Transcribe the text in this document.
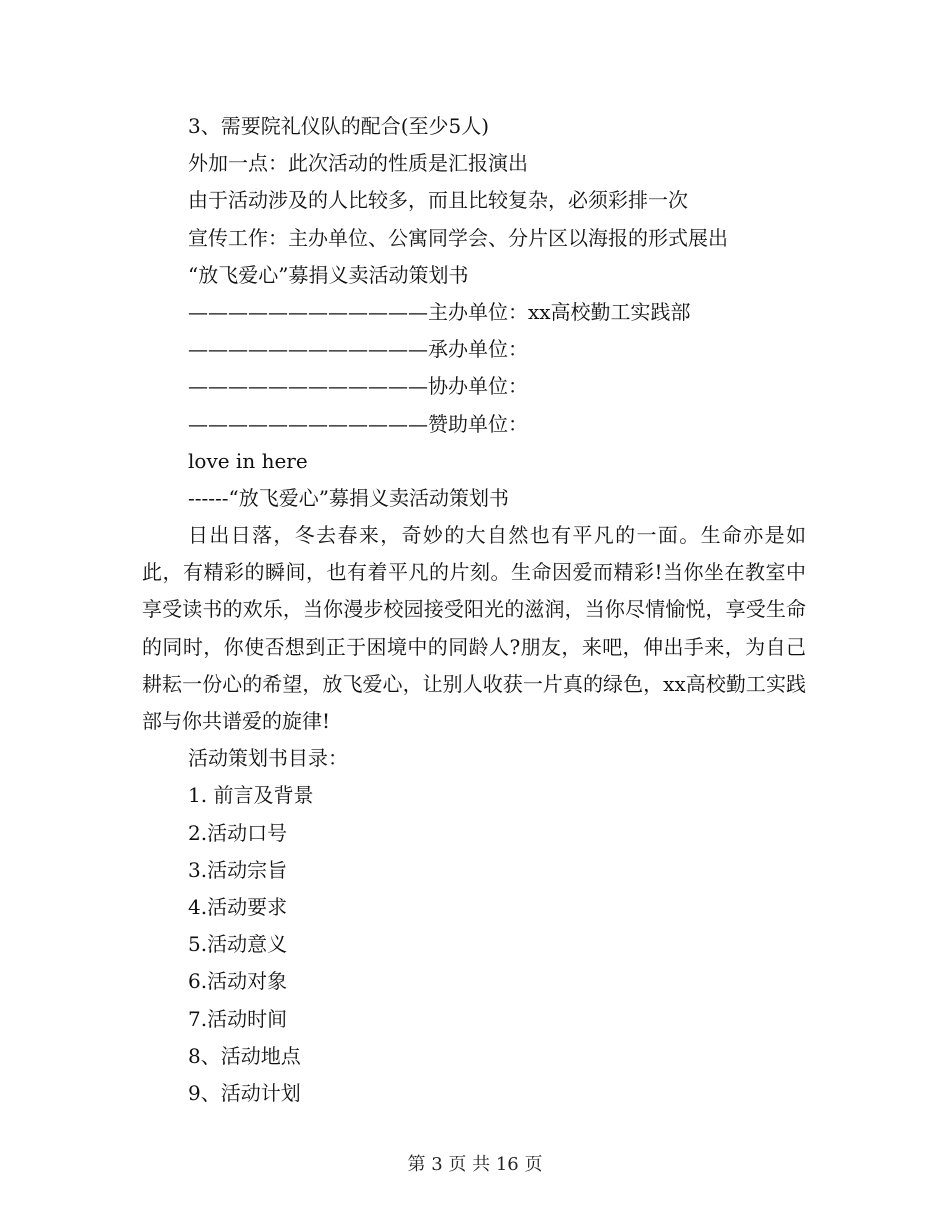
3、需要院礼仪队的配合(至少5人)
外加一点：此次活动的性质是汇报演出
由于活动涉及的人比较多，而且比较复杂，必须彩排一次
宣传工作：主办单位、公寓同学会、分片区以海报的形式展出
“放飞爱心”募捐义卖活动策划书
————————————主办单位：xx高校勤工实践部
————————————承办单位：
————————————协办单位：
————————————赞助单位：
love in here
------“放飞爱心”募捐义卖活动策划书

日出日落，冬去春来，奇妙的大自然也有平凡的一面。生命亦是如此，有精彩的瞬间，也有着平凡的片刻。生命因爱而精彩!当你坐在教室中享受读书的欢乐，当你漫步校园接受阳光的滋润，当你尽情愉悦，享受生命的同时，你使否想到正于困境中的同龄人?朋友，来吧，伸出手来，为自己耕耘一份心的希望，放飞爱心，让别人收获一片真的绿色，xx高校勤工实践部与你共谱爱的旋律!

活动策划书目录：
1. 前言及背景
2.活动口号
3.活动宗旨
4.活动要求
5.活动意义
6.活动对象
7.活动时间
8、活动地点
9、活动计划
第 3 页 共 16 页
